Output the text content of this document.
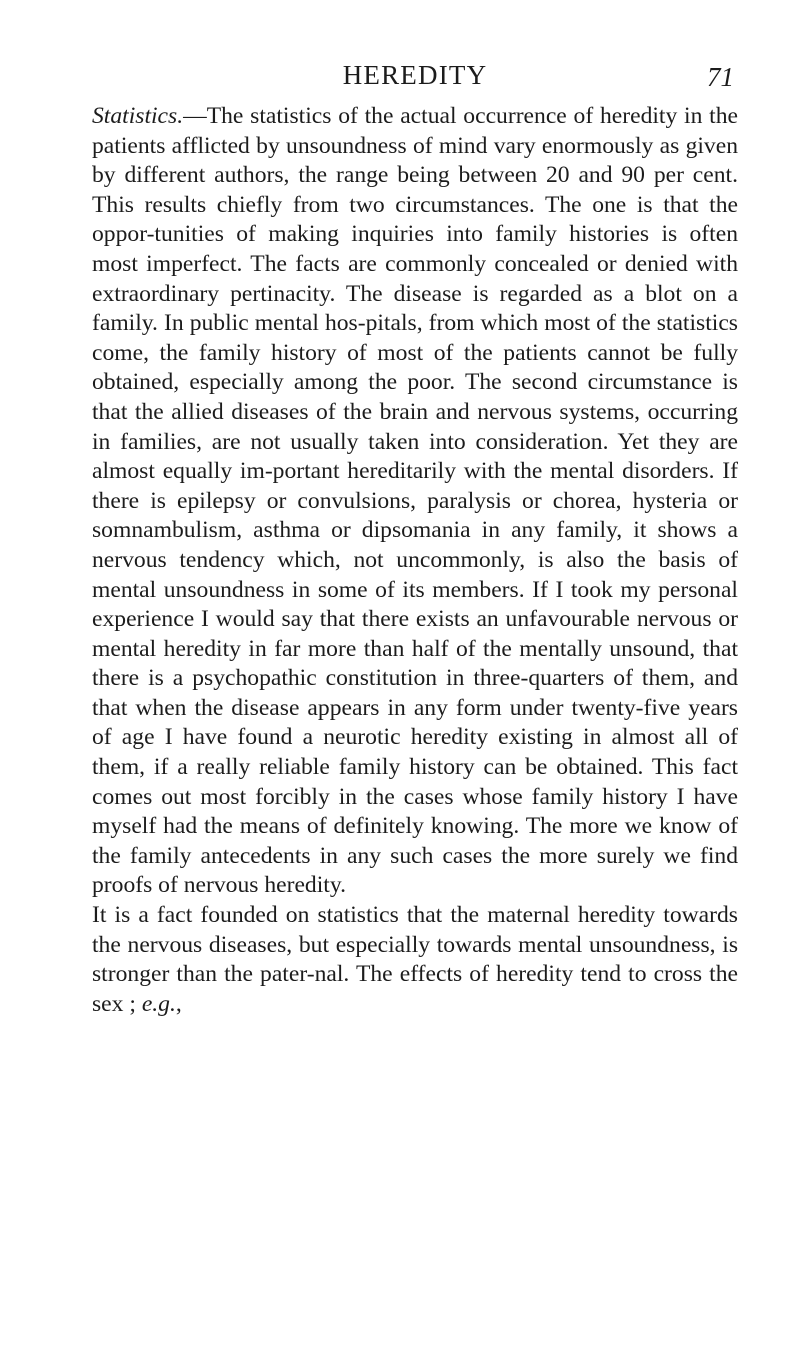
HEREDITY	71

Statistics.—The statistics of the actual occurrence of heredity in the patients afflicted by unsoundness of mind vary enormously as given by different authors, the range being between 20 and 90 per cent. This results chiefly from two circumstances. The one is that the oppor-tunities of making inquiries into family histories is often most imperfect. The facts are commonly concealed or denied with extraordinary pertinacity. The disease is regarded as a blot on a family. In public mental hos-pitals, from which most of the statistics come, the family history of most of the patients cannot be fully obtained, especially among the poor. The second circumstance is that the allied diseases of the brain and nervous systems, occurring in families, are not usually taken into consideration. Yet they are almost equally im-portant hereditarily with the mental disorders. If there is epilepsy or convulsions, paralysis or chorea, hysteria or somnambulism, asthma or dipsomania in any family, it shows a nervous tendency which, not uncommonly, is also the basis of mental unsoundness in some of its members. If I took my personal experience I would say that there exists an unfavourable nervous or mental heredity in far more than half of the mentally unsound, that there is a psychopathic constitution in three-quarters of them, and that when the disease appears in any form under twenty-five years of age I have found a neurotic heredity existing in almost all of them, if a really reliable family history can be obtained. This fact comes out most forcibly in the cases whose family history I have myself had the means of definitely knowing. The more we know of the family antecedents in any such cases the more surely we find proofs of nervous heredity.

It is a fact founded on statistics that the maternal heredity towards the nervous diseases, but especially towards mental unsoundness, is stronger than the pater-nal. The effects of heredity tend to cross the sex ; e.g.,
